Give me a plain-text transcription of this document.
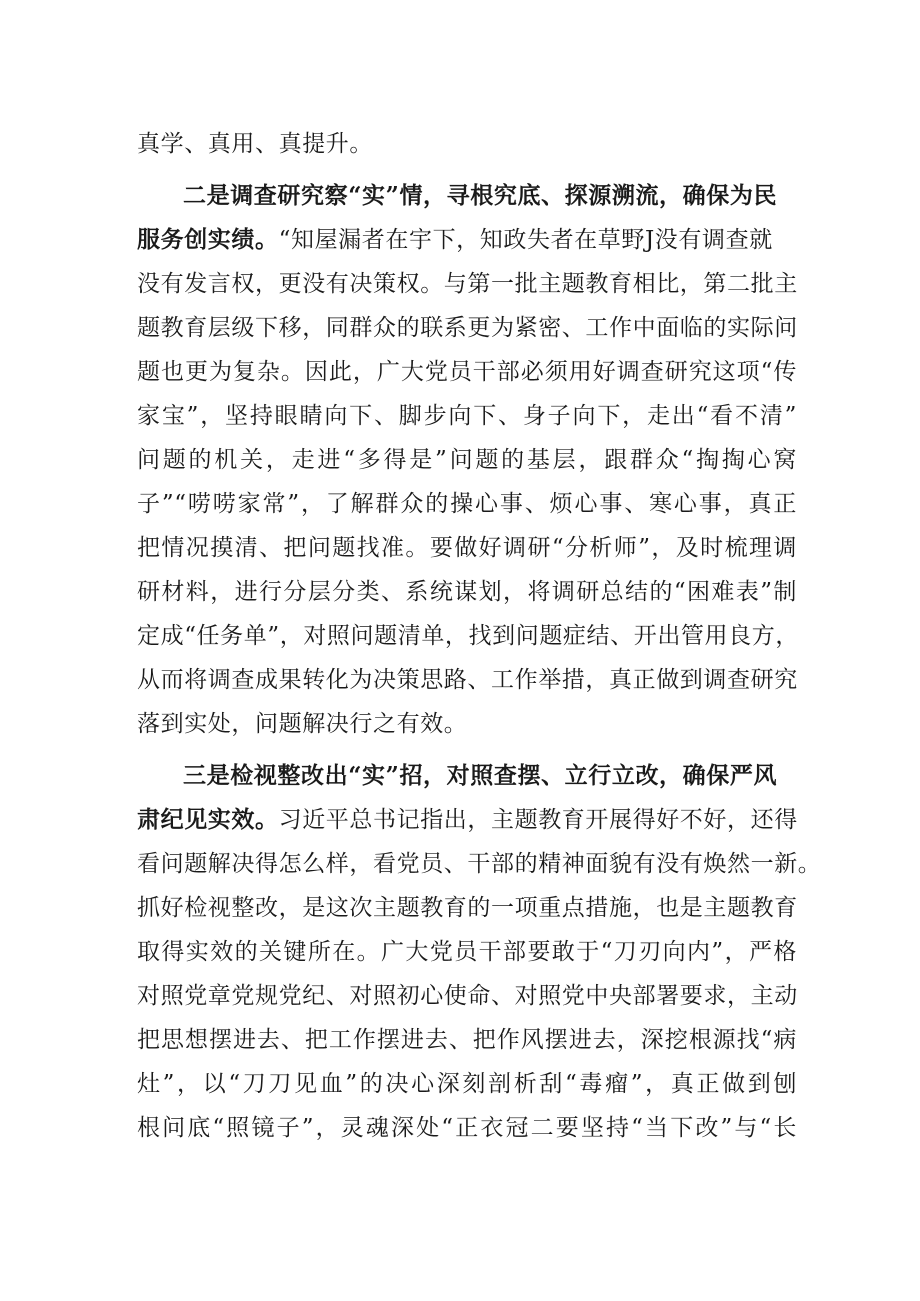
真学、真用、真提升。
二是调查研究察“实”情，寻根究底、探源溯流，确保为民
服务创实绩。“知屋漏者在宇下，知政失者在草野J没有调查就
没有发言权，更没有决策权。与第一批主题教育相比，第二批主
题教育层级下移，同群众的联系更为紧密、工作中面临的实际问
题也更为复杂。因此，广大党员干部必须用好调查研究这项“传
家宝”，坚持眼睛向下、脚步向下、身子向下，走出“看不清”
问题的机关，走进“多得是”问题的基层，跟群众“掏掏心窝
子”“唠唠家常”，了解群众的操心事、烦心事、寒心事，真正
把情况摸清、把问题找准。要做好调研“分析师”，及时梳理调
研材料，进行分层分类、系统谋划，将调研总结的“困难表”制
定成“任务单”，对照问题清单，找到问题症结、开出管用良方，
从而将调查成果转化为决策思路、工作举措，真正做到调查研究
落到实处，问题解决行之有效。
三是检视整改出“实”招，对照查摆、立行立改，确保严风
肃纪见实效。习近平总书记指出，主题教育开展得好不好，还得
看问题解决得怎么样，看党员、干部的精神面貌有没有焕然一新。
抓好检视整改，是这次主题教育的一项重点措施，也是主题教育
取得实效的关键所在。广大党员干部要敢于“刀刃向内”，严格
对照党章党规党纪、对照初心使命、对照党中央部署要求，主动
把思想摆进去、把工作摆进去、把作风摆进去，深挖根源找“病
灶”，以“刀刀见血”的决心深刻剖析刮“毒瘤”，真正做到刨
根问底“照镜子”，灵魂深处“正衣冠二要坚持“当下改”与“长
